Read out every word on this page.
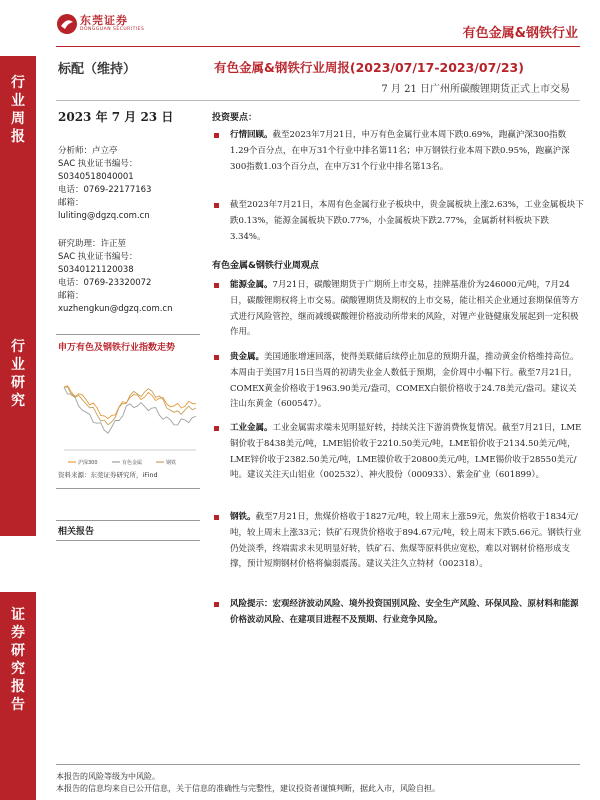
东莞证券
DONGGUAN SECURITIES	有色金属&钢铁行业
行
业
周
报
行
业
研
究
证
券
研
究
报
告
标配（维持）	有色金属&钢铁行业周报(2023/07/17-2023/07/23)
7 月 21 日广州所碳酸锂期货正式上市交易
2023 年 7 月 23 日
分析师：卢立亭
SAC 执业证书编号：
S0340518040001
电话：0769-22177163
邮箱：
luliting@dgzq.com.cn
研究助理：许正堃
SAC 执业证书编号：
S0340121120038
电话：0769-23320072
邮箱：
xuzhengkun@dgzq.com.cn
申万有色及钢铁行业指数走势
沪深300	有色金属	钢铁
资料来源：东莞证券研究所，iFind
相关报告
投资要点：
行情回顾。截至2023年7月21日，申万有色金属行业本周下跌0.69%，跑赢沪深300指数1.29个百分点，在申万31个行业中排名第11名；申万钢铁行业本周下跌0.95%，跑赢沪深300指数1.03个百分点，在申万31个行业中排名第13名。
截至2023年7月21日，本周有色金属行业子板块中，贵金属板块上涨2.63%，工业金属板块下跌0.13%，能源金属板块下跌0.77%，小金属板块下跌2.77%，金属新材料板块下跌3.34%。
有色金属&钢铁行业周观点
能源金属。7月21日，碳酸锂期货于广期所上市交易，挂牌基准价为246000元/吨，7月24日，碳酸锂期权将上市交易。碳酸锂期货及期权的上市交易，能让相关企业通过套期保值等方式进行风险管控，继而减缓碳酸锂价格波动所带来的风险，对锂产业链健康发展起到一定积极作用。
贵金属。美国通胀增速回落，使得美联储后续停止加息的预期升温，推动黄金价格维持高位。本周由于美国7月15日当周的初请失业金人数低于预期，金价周中小幅下行。截至7月21日，COMEX黄金价格收于1963.90美元/盎司，COMEX白银价格收于24.78美元/盎司。建议关注山东黄金（600547）。
工业金属。工业金属需求端未见明显好转，持续关注下游消费恢复情况。截至7月21日，LME铜价收于8438美元/吨，LME铝价收于2210.50美元/吨，LME铅价收于2134.50美元/吨，LME锌价收于2382.50美元/吨，LME镍价收于20800美元/吨，LME锡价收于28550美元/吨。建议关注天山铝业（002532）、神火股份（000933）、紫金矿业（601899）。
钢铁。截至7月21日，焦煤价格收于1827元/吨，较上周末上涨59元，焦炭价格收于1834元/吨，较上周末上涨33元；铁矿石现货价格收于894.67元/吨，较上周末下跌5.66元。钢铁行业仍处淡季，终端需求未见明显好转，铁矿石、焦煤等原料供应宽松，难以对钢材价格形成支撑，预计短期钢材价格将偏弱震荡。建议关注久立特材（002318）。
风险提示：宏观经济波动风险、境外投资国别风险、安全生产风险、环保风险、原材料和能源价格波动风险、在建项目进程不及预期、行业竞争风险。
本报告的风险等级为中风险。
本报告的信息均来自已公开信息，关于信息的准确性与完整性，建议投资者谨慎判断，据此入市，风险自担。
